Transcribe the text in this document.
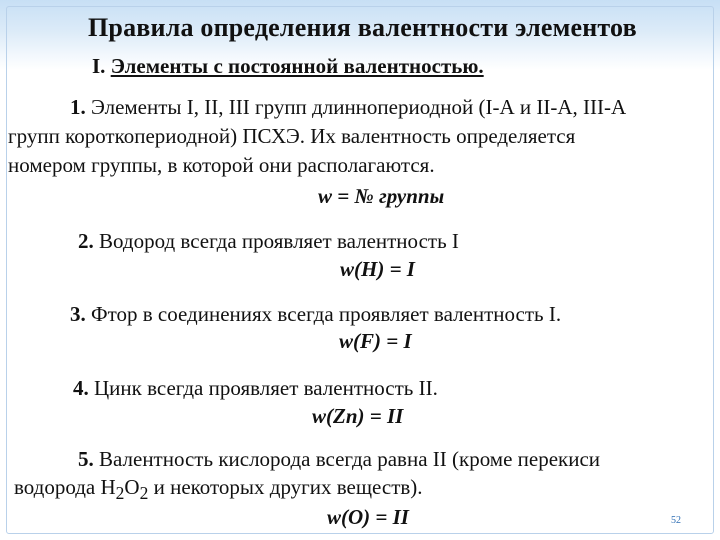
Правила определения валентности элементов
I. Элементы с постоянной валентностью.
1. Элементы I, II, III групп длиннопериодной (I-А и II-А, III-А
групп короткопериодной) ПСХЭ. Их валентность определяется
номером группы, в которой они располагаются.
w = № группы
2. Водород всегда проявляет валентность I
w(H) = I
3. Фтор в соединениях всегда проявляет валентность I.
w(F) = I
4. Цинк всегда проявляет валентность II.
w(Zn) = II
5. Валентность кислорода всегда равна II (кроме перекиси
водорода $H_2O_2$ и некоторых других веществ).
w(O) = II	52
